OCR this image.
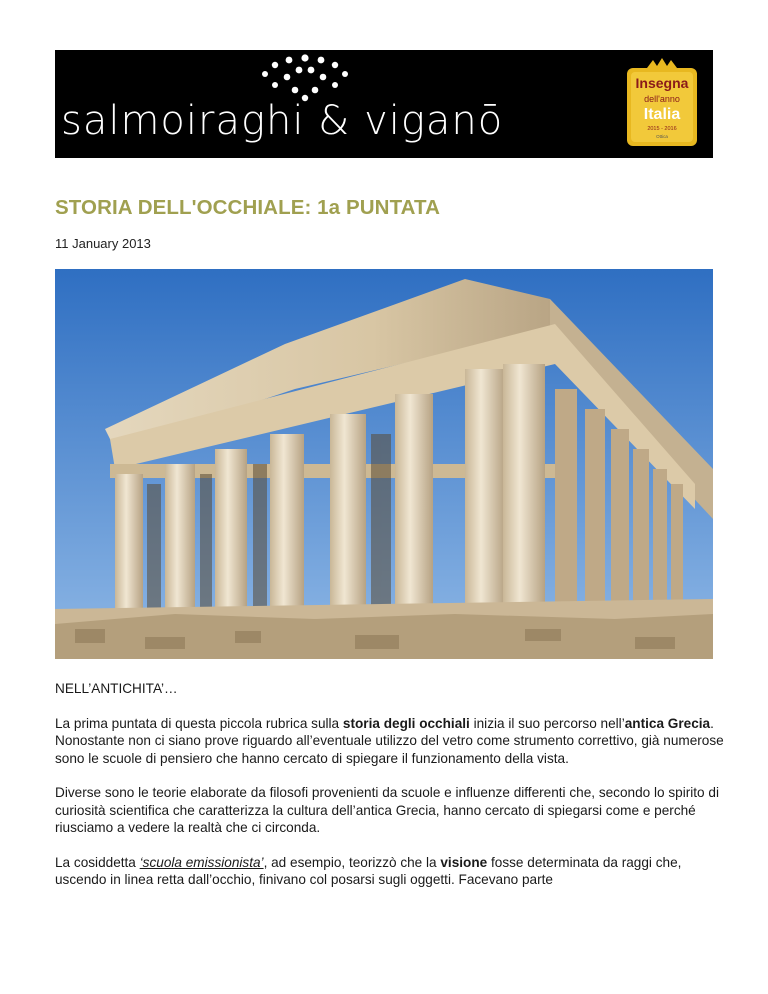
salmoiraghi & viganō
Insegna
dell'anno
Italia
2015 - 2016
Ottica
STORIA DELL'OCCHIALE: 1a PUNTATA
11 January 2013

NELL’ANTICHITA’…

La prima puntata di questa piccola rubrica sulla storia degli occhiali inizia il suo percorso nell’antica Grecia. Nonostante non ci siano prove riguardo all’eventuale utilizzo del vetro come strumento correttivo, già numerose sono le scuole di pensiero che hanno cercato di spiegare il funzionamento della vista.

Diverse sono le teorie elaborate da filosofi provenienti da scuole e influenze differenti che, secondo lo spirito di curiosità scientifica che caratterizza la cultura dell’antica Grecia, hanno cercato di spiegarsi come e perché riusciamo a vedere la realtà che ci circonda.

La cosiddetta ‘scuola emissionista’, ad esempio, teorizzò che la visione fosse determinata da raggi che, uscendo in linea retta dall’occhio, finivano col posarsi sugli oggetti. Facevano parte
